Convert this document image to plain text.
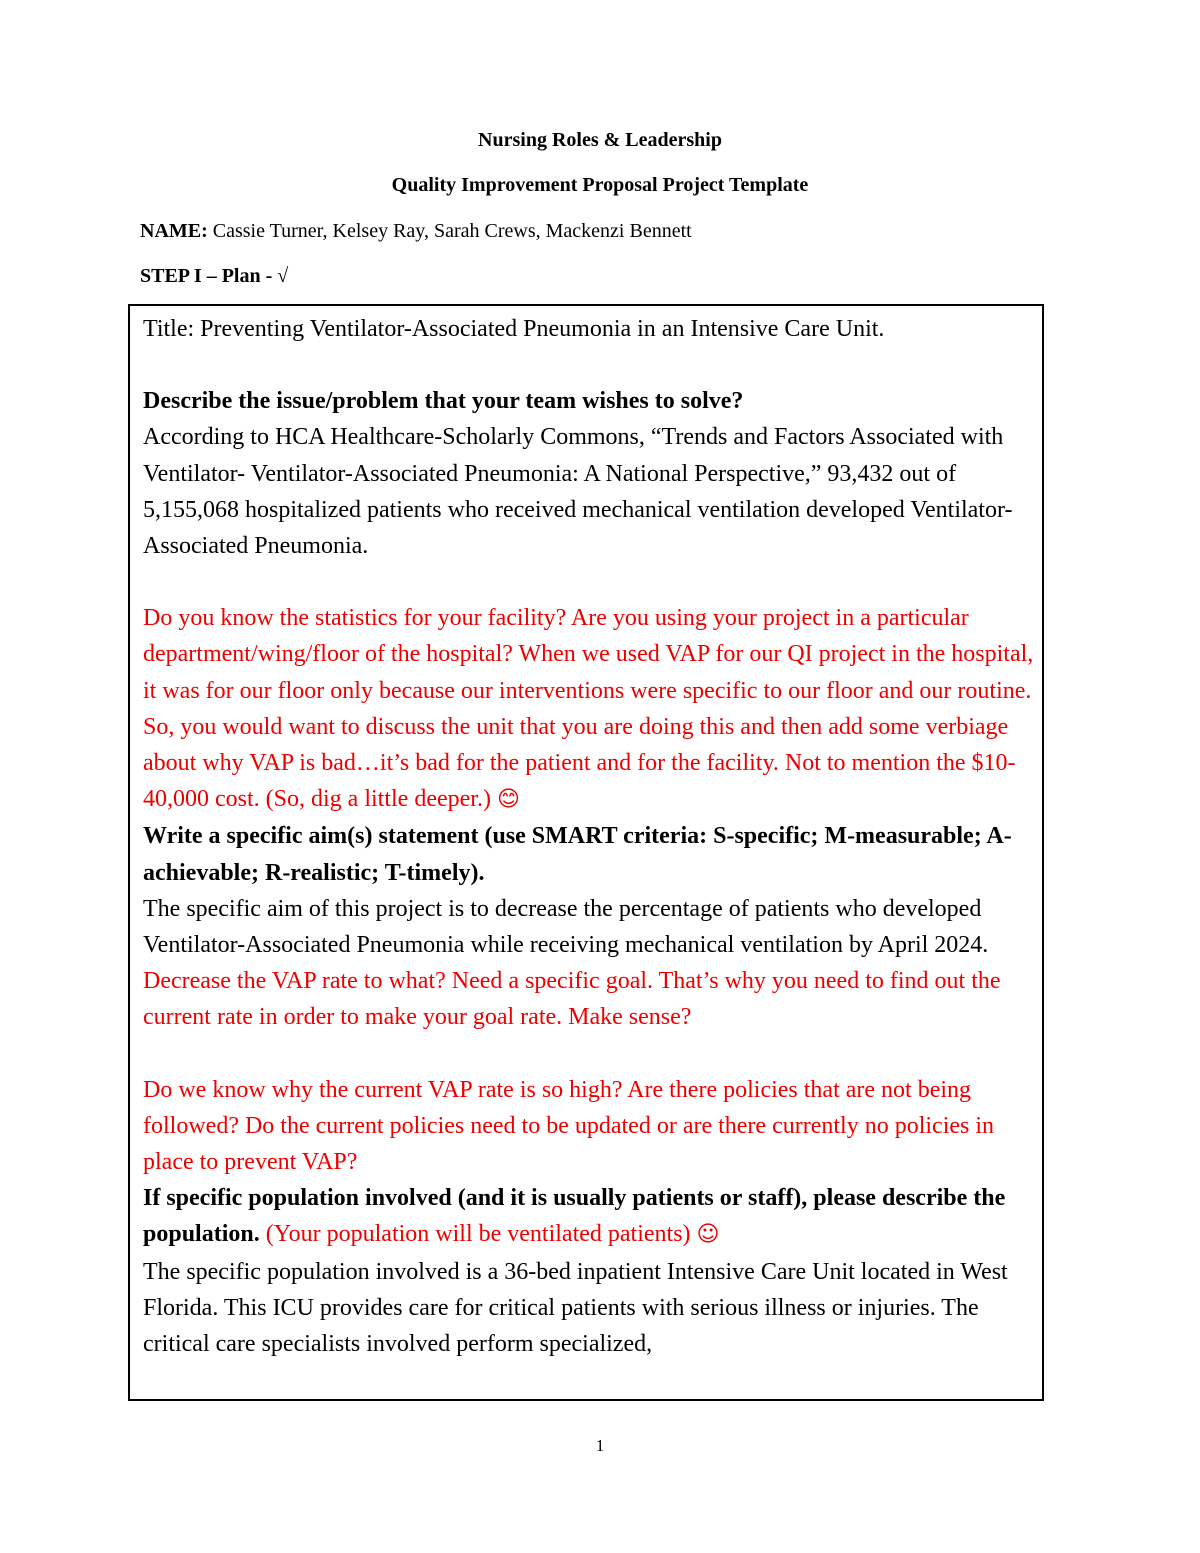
Nursing Roles & Leadership
Quality Improvement Proposal Project Template
NAME: Cassie Turner, Kelsey Ray, Sarah Crews, Mackenzi Bennett
STEP I – Plan - √

Title: Preventing Ventilator-Associated Pneumonia in an Intensive Care Unit.

Describe the issue/problem that your team wishes to solve?

According to HCA Healthcare-Scholarly Commons, “Trends and Factors Associated with Ventilator- Ventilator-Associated Pneumonia: A National Perspective,” 93,432 out of 5,155,068 hospitalized patients who received mechanical ventilation developed Ventilator-Associated Pneumonia.

Do you know the statistics for your facility? Are you using your project in a particular department/wing/floor of the hospital? When we used VAP for our QI project in the hospital, it was for our floor only because our interventions were specific to our floor and our routine. So, you would want to discuss the unit that you are doing this and then add some verbiage about why VAP is bad…it’s bad for the patient and for the facility. Not to mention the $10-40,000 cost. (So, dig a little deeper.) 😊

Write a specific aim(s) statement (use SMART criteria: S-specific; M-measurable; A-achievable; R-realistic; T-timely).

The specific aim of this project is to decrease the percentage of patients who developed Ventilator-Associated Pneumonia while receiving mechanical ventilation by April 2024.

Decrease the VAP rate to what? Need a specific goal. That’s why you need to find out the current rate in order to make your goal rate. Make sense?

Do we know why the current VAP rate is so high? Are there policies that are not being followed? Do the current policies need to be updated or are there currently no policies in place to prevent VAP?

If specific population involved (and it is usually patients or staff), please describe the population. (Your population will be ventilated patients) ☺

The specific population involved is a 36-bed inpatient Intensive Care Unit located in West Florida. This ICU provides care for critical patients with serious illness or injuries. The critical care specialists involved perform specialized,

1
